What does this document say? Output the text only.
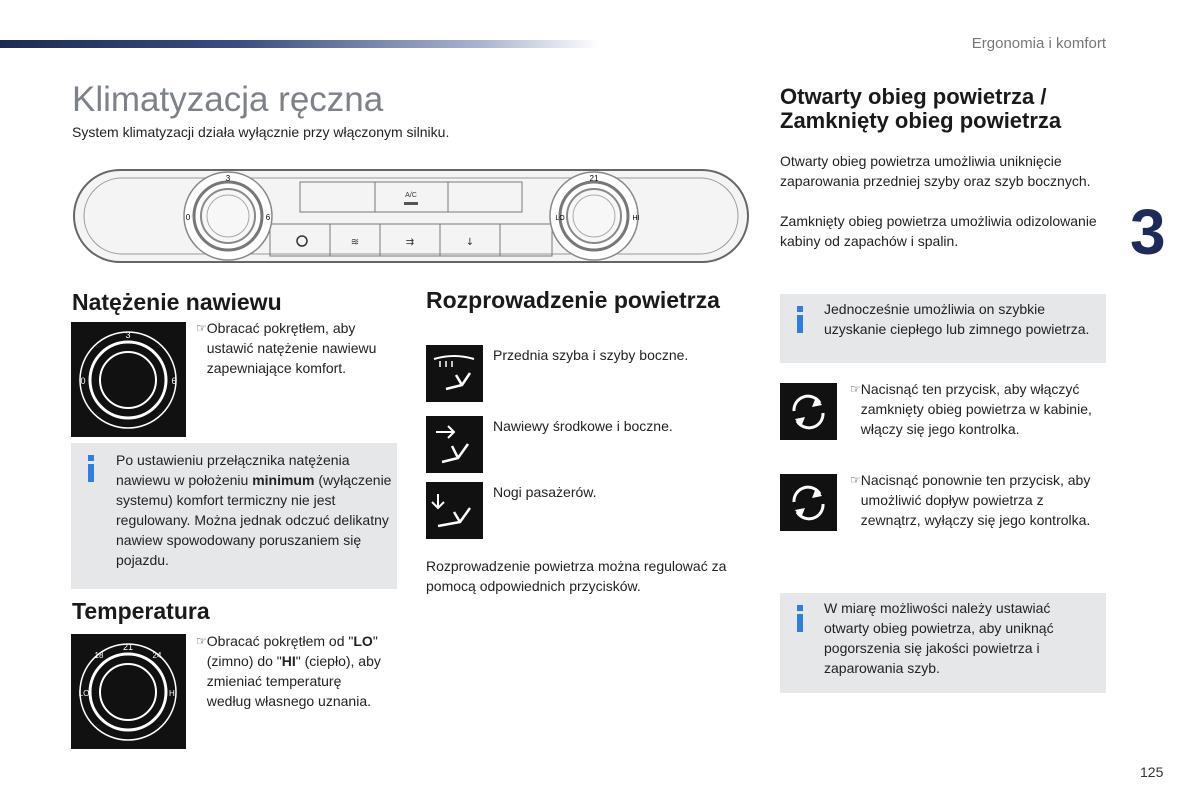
Ergonomia i komfort
3
Klimatyzacja ręczna
System klimatyzacji działa wyłącznie przy włączonym silniku.
A/C
≋	⇉	↓
3
0	6
21
LO	HI
Natężenie nawiewu
3
0	6
☞ Obracać pokrętłem, aby ustawić natężenie nawiewu zapewniające komfort.
Po ustawieniu przełącznika natężenia nawiewu w położeniu minimum (wyłączenie systemu) komfort termiczny nie jest regulowany. Można jednak odczuć delikatny nawiew spowodowany poruszaniem się pojazdu.
Temperatura
21
18	24
LO	HI
☞ Obracać pokrętłem od "LO" (zimno) do "HI" (ciepło), aby zmieniać temperaturę według własnego uznania.
Rozprowadzenie powietrza
Przednia szyba i szyby boczne.
Nawiewy środkowe i boczne.
Nogi pasażerów.
Rozprowadzenie powietrza można regulować za pomocą odpowiednich przycisków.
Otwarty obieg powietrza /
Zamknięty obieg powietrza
Otwarty obieg powietrza umożliwia uniknięcie zaparowania przedniej szyby oraz szyb bocznych.
Zamknięty obieg powietrza umożliwia odizolowanie kabiny od zapachów i spalin.
Jednocześnie umożliwia on szybkie uzyskanie ciepłego lub zimnego powietrza.
☞ Nacisnąć ten przycisk, aby włączyć zamknięty obieg powietrza w kabinie, włączy się jego kontrolka.
☞ Nacisnąć ponownie ten przycisk, aby umożliwić dopływ powietrza z zewnątrz, wyłączy się jego kontrolka.
W miarę możliwości należy ustawiać otwarty obieg powietrza, aby uniknąć pogorszenia się jakości powietrza i zaparowania szyb.
125
